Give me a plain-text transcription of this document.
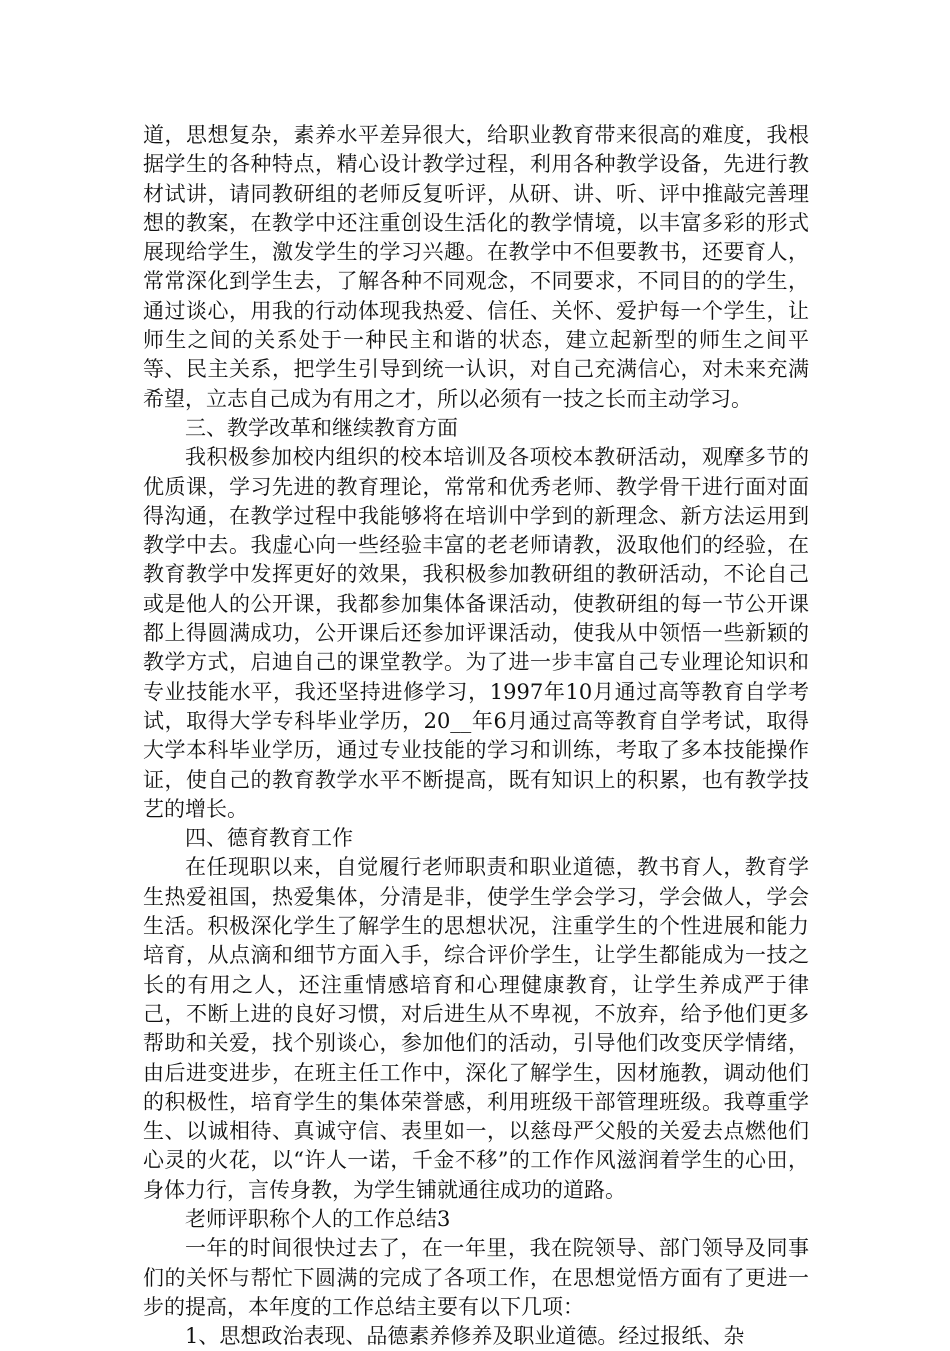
道，思想复杂，素养水平差异很大，给职业教育带来很高的难度，我根据学生的各种特点，精心设计教学过程，利用各种教学设备，先进行教材试讲，请同教研组的老师反复听评，从研、讲、听、评中推敲完善理想的教案，在教学中还注重创设生活化的教学情境，以丰富多彩的形式展现给学生，激发学生的学习兴趣。在教学中不但要教书，还要育人，常常深化到学生去，了解各种不同观念，不同要求，不同目的的学生，通过谈心，用我的行动体现我热爱、信任、关怀、爱护每一个学生，让师生之间的关系处于一种民主和谐的状态，建立起新型的师生之间平等、民主关系，把学生引导到统一认识，对自己充满信心，对未来充满希望，立志自己成为有用之才，所以必须有一技之长而主动学习。

三、教学改革和继续教育方面

我积极参加校内组织的校本培训及各项校本教研活动，观摩多节的优质课，学习先进的教育理论，常常和优秀老师、教学骨干进行面对面得沟通，在教学过程中我能够将在培训中学到的新理念、新方法运用到教学中去。我虚心向一些经验丰富的老老师请教，汲取他们的经验，在教育教学中发挥更好的效果，我积极参加教研组的教研活动，不论自己或是他人的公开课，我都参加集体备课活动，使教研组的每一节公开课都上得圆满成功，公开课后还参加评课活动，使我从中领悟一些新颖的教学方式，启迪自己的课堂教学。为了进一步丰富自己专业理论知识和专业技能水平，我还坚持进修学习，1997年10月通过高等教育自学考试，取得大学专科毕业学历，20__年6月通过高等教育自学考试，取得大学本科毕业学历，通过专业技能的学习和训练，考取了多本技能操作证，使自己的教育教学水平不断提高，既有知识上的积累，也有教学技艺的增长。

四、德育教育工作

在任现职以来，自觉履行老师职责和职业道德，教书育人，教育学生热爱祖国，热爱集体，分清是非，使学生学会学习，学会做人，学会生活。积极深化学生了解学生的思想状况，注重学生的个性进展和能力培育，从点滴和细节方面入手，综合评价学生，让学生都能成为一技之长的有用之人，还注重情感培育和心理健康教育，让学生养成严于律己，不断上进的良好习惯，对后进生从不卑视，不放弃，给予他们更多帮助和关爱，找个别谈心，参加他们的活动，引导他们改变厌学情绪，由后进变进步，在班主任工作中，深化了解学生，因材施教，调动他们的积极性，培育学生的集体荣誉感，利用班级干部管理班级。我尊重学生、以诚相待、真诚守信、表里如一，以慈母严父般的关爱去点燃他们心灵的火花，以“许人一诺，千金不移”的工作作风滋润着学生的心田，身体力行，言传身教，为学生铺就通往成功的道路。

老师评职称个人的工作总结3

一年的时间很快过去了，在一年里，我在院领导、部门领导及同事们的关怀与帮忙下圆满的完成了各项工作，在思想觉悟方面有了更进一步的提高，本年度的工作总结主要有以下几项：

1、思想政治表现、品德素养修养及职业道德。经过报纸、杂
